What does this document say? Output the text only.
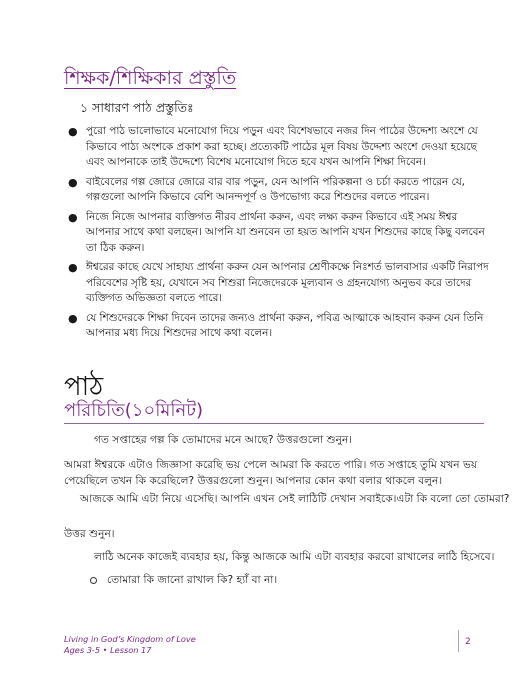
শিক্ষক/শিক্ষিকার প্রস্তুতি
১ সাধারণ পাঠ প্রস্তুতিঃ
● পুরো পাঠ ভালোভাবে মনোযোগ দিয়ে পড়ুন এবং বিশেষভাবে নজর দিন পাঠের উদ্দেশ্য অংশে যে কিভাবে পাঠ্য অংশকে প্রকাশ করা হচ্ছে। প্রত্যেকটি পাঠের মূল বিষয় উদ্দেশ্য অংশে দেওয়া হয়েছে এবং আপনাকে তাই উদ্দেশ্যে বিশেষ মনোযোগ দিতে হবে যখন আপনি শিক্ষা দিবেন।
● বাইবেলের গল্প জোরে জোরে বার বার পড়ুন, যেন আপনি পরিকল্পনা ও চর্চা করতে পারেন যে, গল্পগুলো আপনি কিভাবে বেশি আনন্দপূর্ণ ও উপভোগ্য করে শিশুদের বলতে পারেন।
● নিজে নিজে আপনার ব্যক্তিগত নীরব প্রার্থনা করুন, এবং লক্ষ্য করুন কিভাবে এই সময় ঈশ্বর আপনার সাথে কথা বলছেন। আপনি যা শুনবেন তা হয়ত আপনি যখন শিশুদের কাছে কিছু বলবেন তা ঠিক করুন।
● ঈশ্বরের কাছে যেখে সাহায্য প্রার্থনা করুন যেন আপনার শ্রেণীকক্ষে নিঃশর্ত ভালবাসার একটি নিরাপদ পরিবেশের সৃষ্টি হয়, যেখানে সব শিশুরা নিজেদেরকে মূল্যবান ও গ্রহনযোগ্য অনুভব করে তাদের ব্যক্তিগত অভিজ্ঞতা বলতে পারে।
● যে শিশুদেরকে শিক্ষা দিবেন তাদের জন্যও প্রার্থনা করুন, পবিত্র আত্মাকে আহবান করুন যেন তিনি আপনার মধ্য দিয়ে শিশুদের সাথে কথা বলেন।
পাঠ
পরিচিতি(১০মিনিট)
গত সপ্তাহের গল্প কি তোমাদের মনে আছে? উত্তরগুলো শুনুন।
আমরা ঈশ্বরকে এটাও জিজ্ঞাসা করেছি ভয় পেলে আমরা কি করতে পারি। গত সপ্তাহে তুমি যখন ভয় পেয়েছিলে তখন কি করেছিলে? উত্তরগুলো শুনুন। আপনার কোন কথা বলার থাকলে বলুন।
আজকে আমি এটা নিয়ে এসেছি। আপনি এখন সেই লাঠিটি দেখান সবাইকে।এটা কি বলো তো তোমরা?
উত্তর শুনুন।
লাঠি অনেক কাজেই ব্যবহার হয়, কিন্তু আজকে আমি এটা ব্যবহার করবো রাখালের লাঠি হিসেবে।
তোমারা কি জানো রাখাল কি? হ্যাঁ বা না।
Living in God’s Kingdom of Love
Ages 3-5 • Lesson 17
2
